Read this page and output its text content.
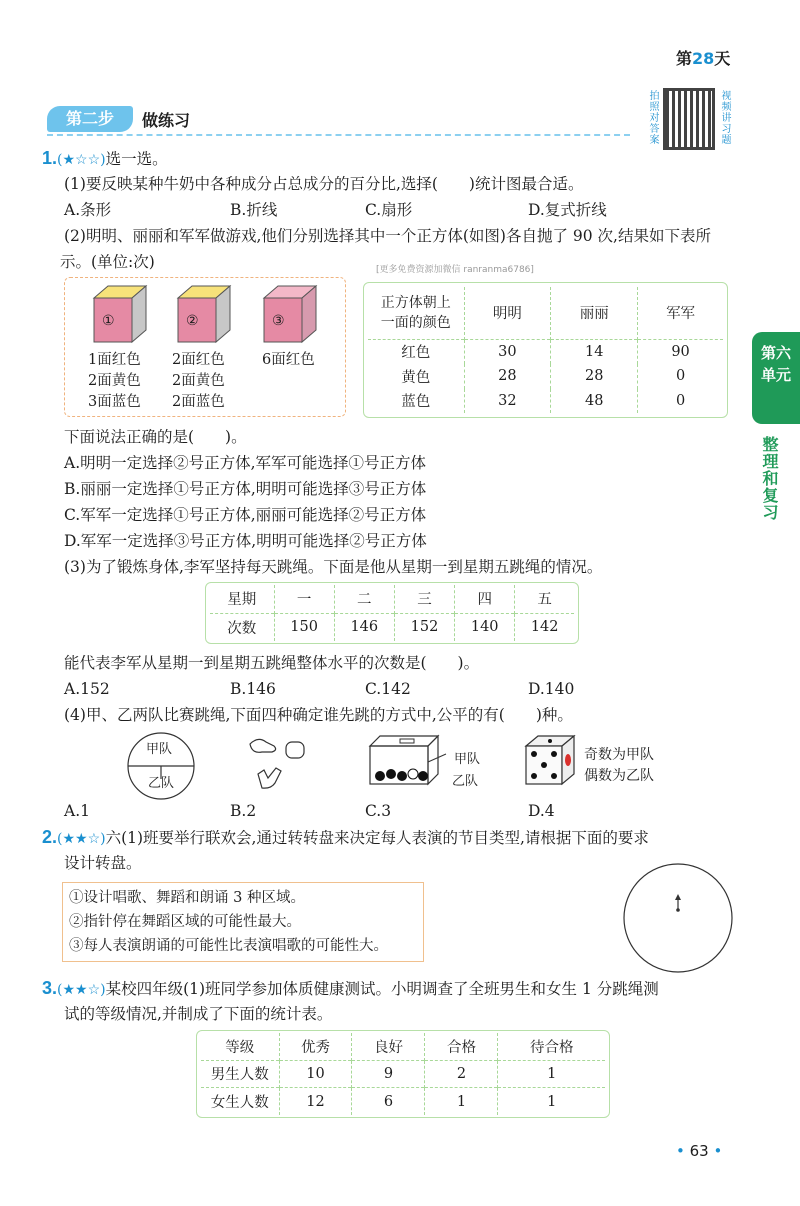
第28天
第二步	做练习	拍照对答案	视频讲习题
第六单元
整理和复习
1.(★☆☆)选一选。
(1)要反映某种牛奶中各种成分占总成分的百分比,选择(　　)统计图最合适。
A.条形	B.折线	C.扇形	D.复式折线
(2)明明、丽丽和军军做游戏,他们分别选择其中一个正方体(如图)各自抛了 90 次,结果如下表所
示。(单位:次)	[更多免费资源加微信 ranranma6786]
①
1面红色
2面黄色
3面蓝色
②
2面红色
2面黄色
2面蓝色
③
6面红色
正方体朝上
一面的颜色	明明	丽丽	军军
红色	30	14	90
黄色	28	28	0
蓝色	32	48	0
下面说法正确的是(　　)。
A.明明一定选择②号正方体,军军可能选择①号正方体
B.丽丽一定选择①号正方体,明明可能选择③号正方体
C.军军一定选择①号正方体,丽丽可能选择②号正方体
D.军军一定选择③号正方体,明明可能选择②号正方体
(3)为了锻炼身体,李军坚持每天跳绳。下面是他从星期一到星期五跳绳的情况。
星期	一	二	三	四	五
次数	150	146	152	140	142
能代表李军从星期一到星期五跳绳整体水平的次数是(　　)。
A.152	B.146	C.142	D.140
(4)甲、乙两队比赛跳绳,下面四种确定谁先跳的方式中,公平的有(　　)种。
甲队
乙队
甲队
乙队
奇数为甲队
偶数为乙队
A.1	B.2	C.3	D.4
2.(★★☆)六(1)班要举行联欢会,通过转转盘来决定每人表演的节目类型,请根据下面的要求
设计转盘。
①设计唱歌、舞蹈和朗诵 3 种区域。
②指针停在舞蹈区域的可能性最大。
③每人表演朗诵的可能性比表演唱歌的可能性大。
3.(★★☆)某校四年级(1)班同学参加体质健康测试。小明调查了全班男生和女生 1 分跳绳测
试的等级情况,并制成了下面的统计表。
等级	优秀	良好	合格	待合格
男生人数	10	9	2	1
女生人数	12	6	1	1
• 63 •
